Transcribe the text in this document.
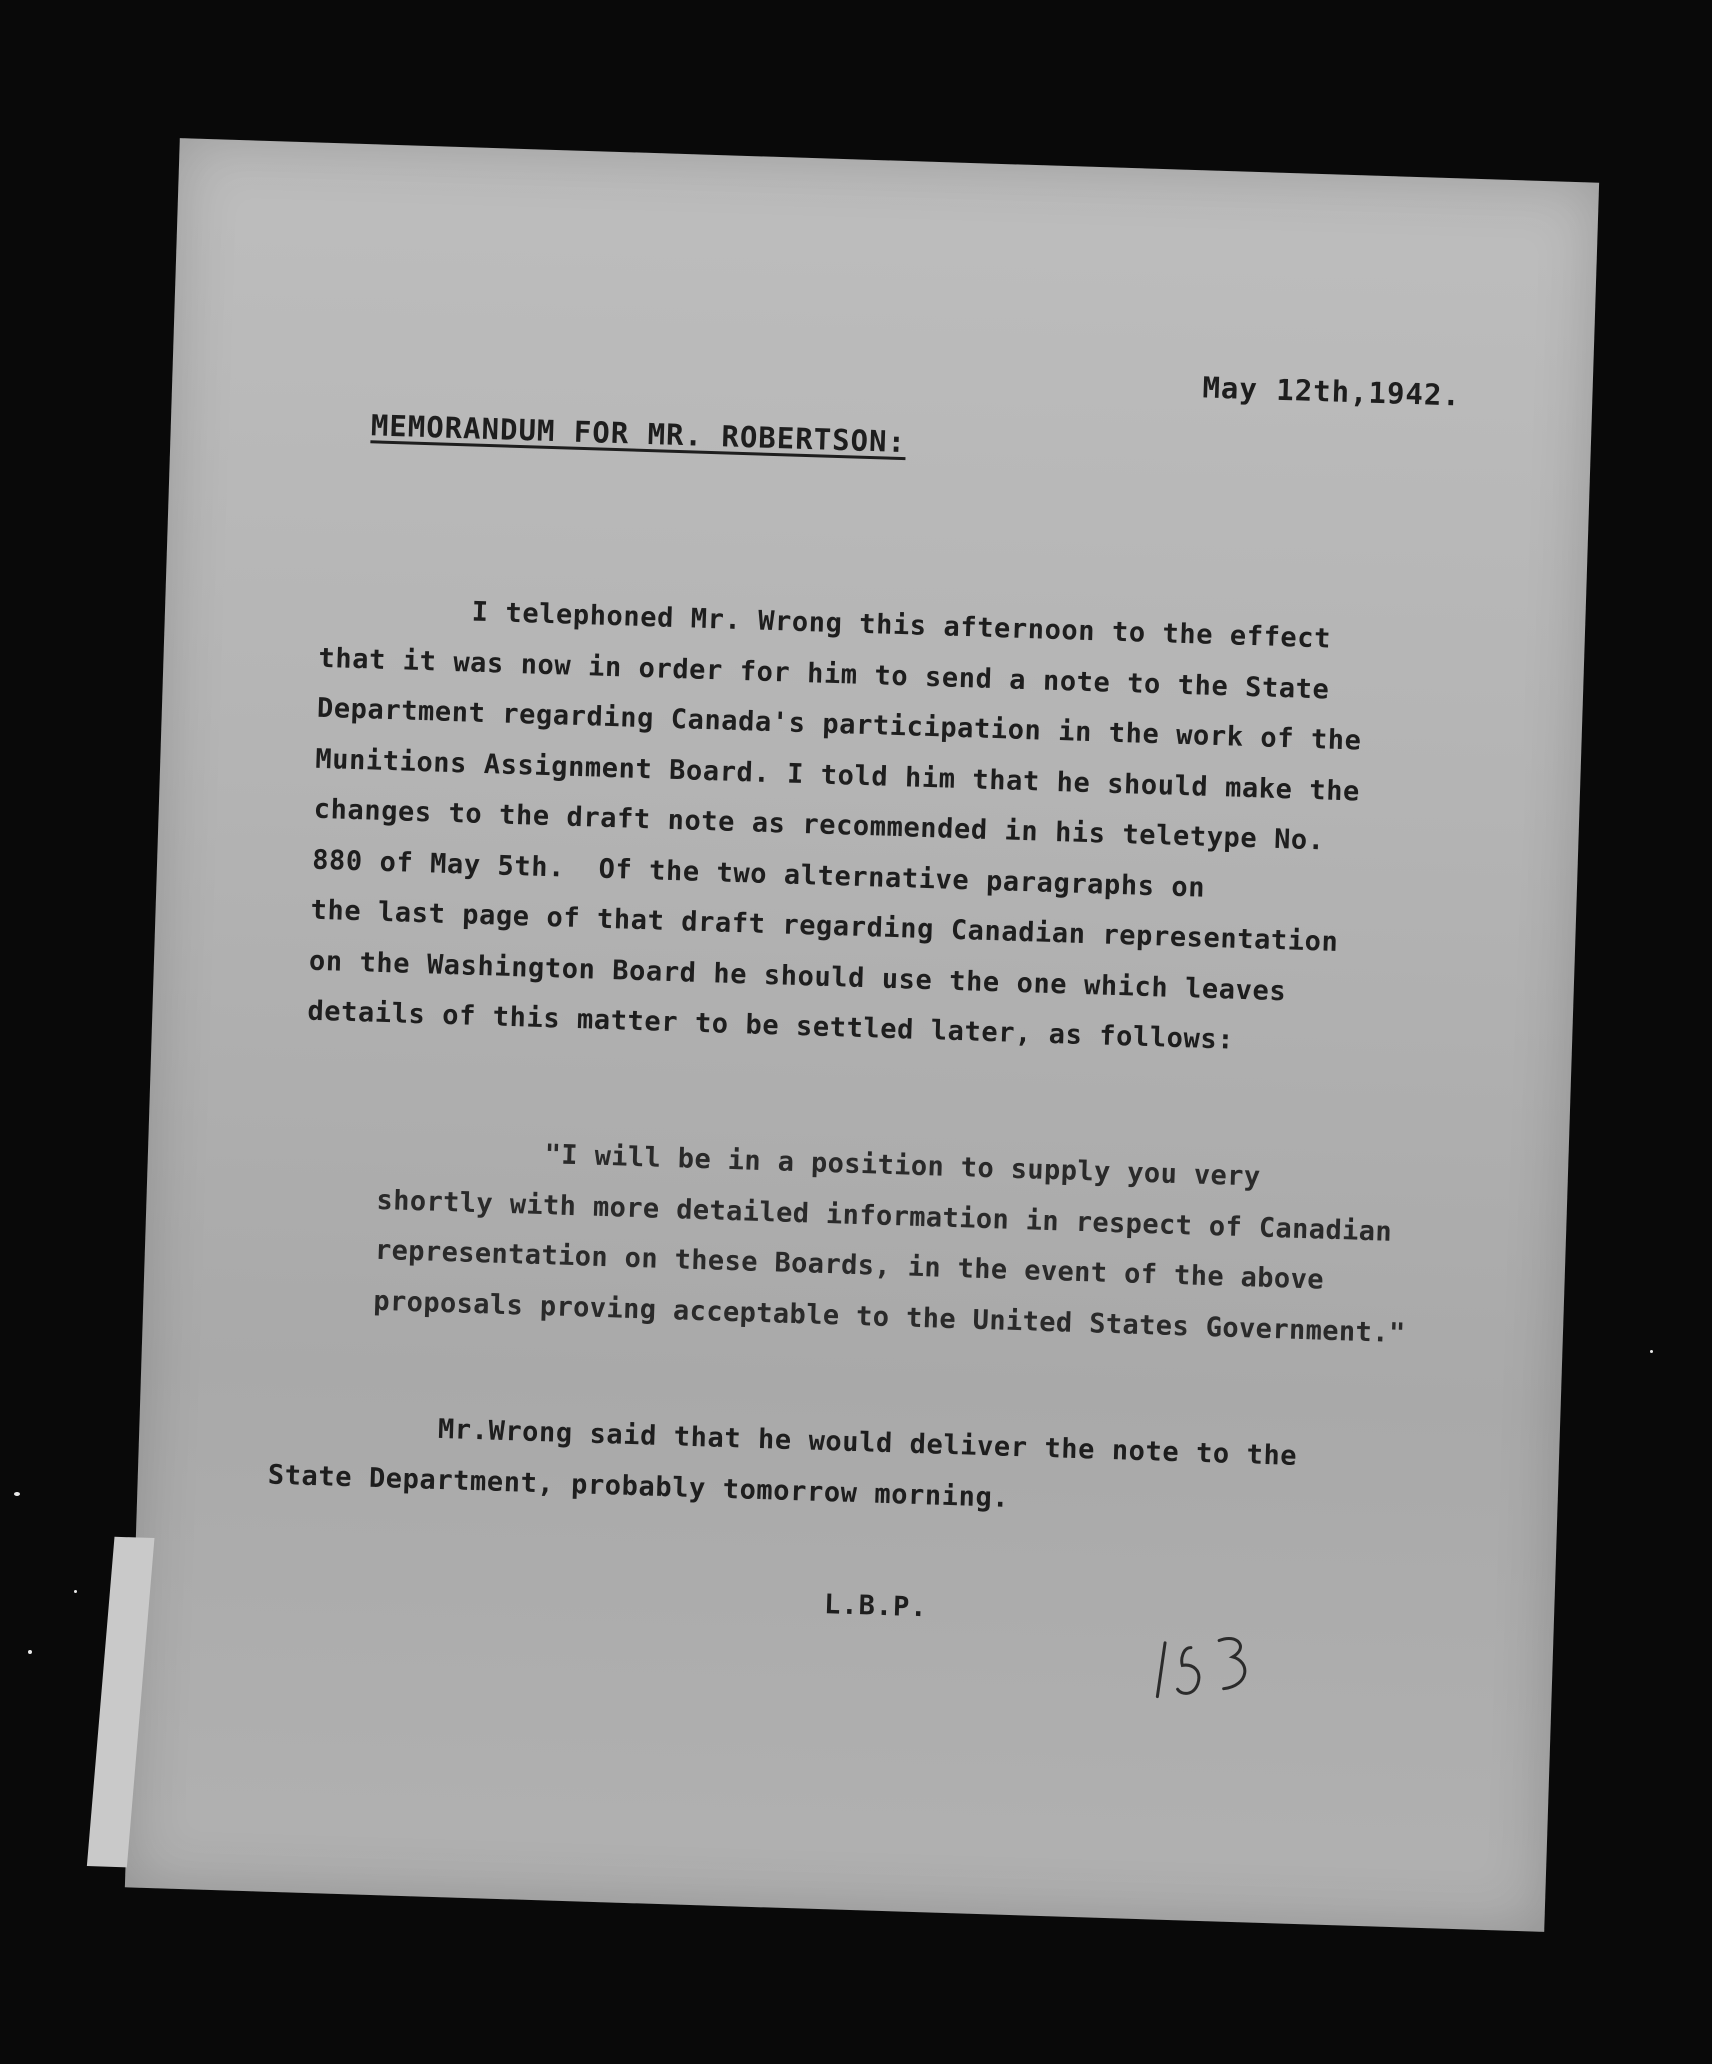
May 12th,1942.
MEMORANDUM FOR MR. ROBERTSON:

I telephoned Mr. Wrong this afternoon to the effect
that it was now in order for him to send a note to the State
Department regarding Canada's participation in the work of the
Munitions Assignment Board. I told him that he should make the
changes to the draft note as recommended in his teletype No.
880 of May 5th.  Of the two alternative paragraphs on
the last page of that draft regarding Canadian representation
on the Washington Board he should use the one which leaves
details of this matter to be settled later, as follows:

"I will be in a position to supply you very
shortly with more detailed information in respect of Canadian
representation on these Boards, in the event of the above
proposals proving acceptable to the United States Government."

Mr.Wrong said that he would deliver the note to the
State Department, probably tomorrow morning.

L.B.P.
